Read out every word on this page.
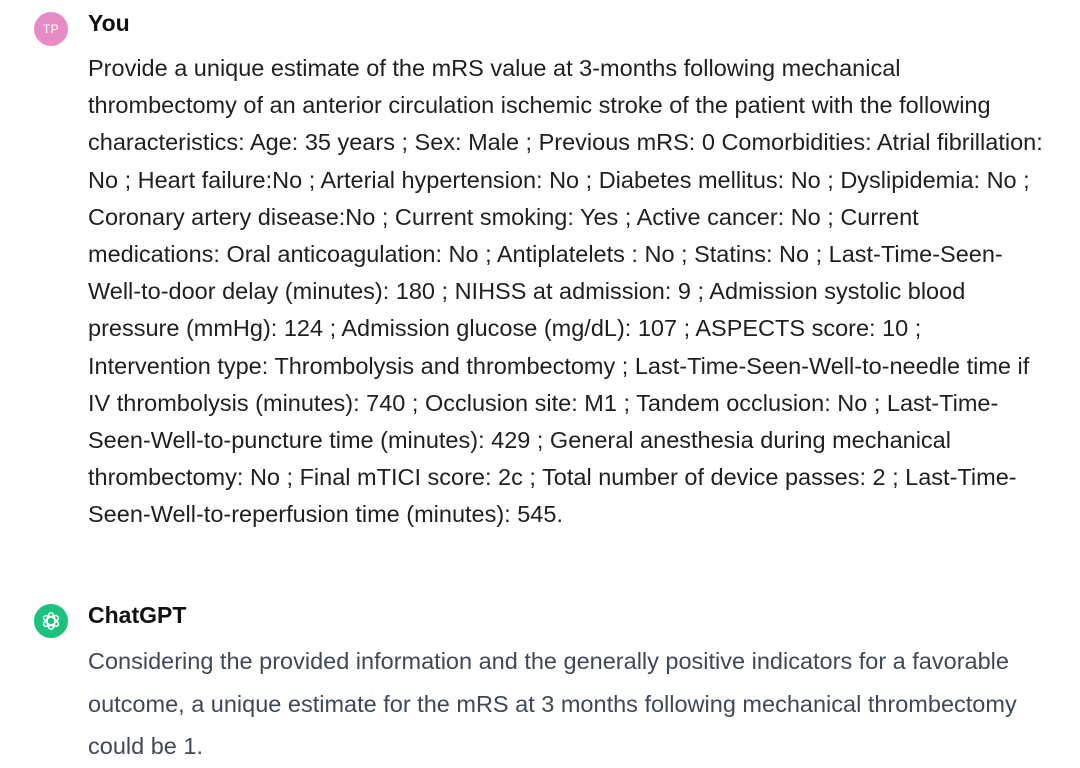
TP You
Provide a unique estimate of the mRS value at 3-months following mechanical thrombectomy of an anterior circulation ischemic stroke of the patient with the following characteristics: Age: 35 years ; Sex: Male ; Previous mRS: 0 Comorbidities: Atrial fibrillation: No ; Heart failure:No ; Arterial hypertension: No ; Diabetes mellitus: No ; Dyslipidemia: No ; Coronary artery disease:No ; Current smoking: Yes ; Active cancer: No ; Current medications: Oral anticoagulation: No ; Antiplatelets : No ; Statins: No ; Last-Time-Seen-Well-to-door delay (minutes): 180 ; NIHSS at admission: 9 ; Admission systolic blood pressure (mmHg): 124 ; Admission glucose (mg/dL): 107 ; ASPECTS score: 10 ; Intervention type: Thrombolysis and thrombectomy ; Last-Time-Seen-Well-to-needle time if IV thrombolysis (minutes): 740 ; Occlusion site: M1 ; Tandem occlusion: No ; Last-Time-Seen-Well-to-puncture time (minutes): 429 ; General anesthesia during mechanical thrombectomy: No ; Final mTICI score: 2c ; Total number of device passes: 2 ; Last-Time-Seen-Well-to-reperfusion time (minutes): 545.
ChatGPT
Considering the provided information and the generally positive indicators for a favorable outcome, a unique estimate for the mRS at 3 months following mechanical thrombectomy could be 1.
